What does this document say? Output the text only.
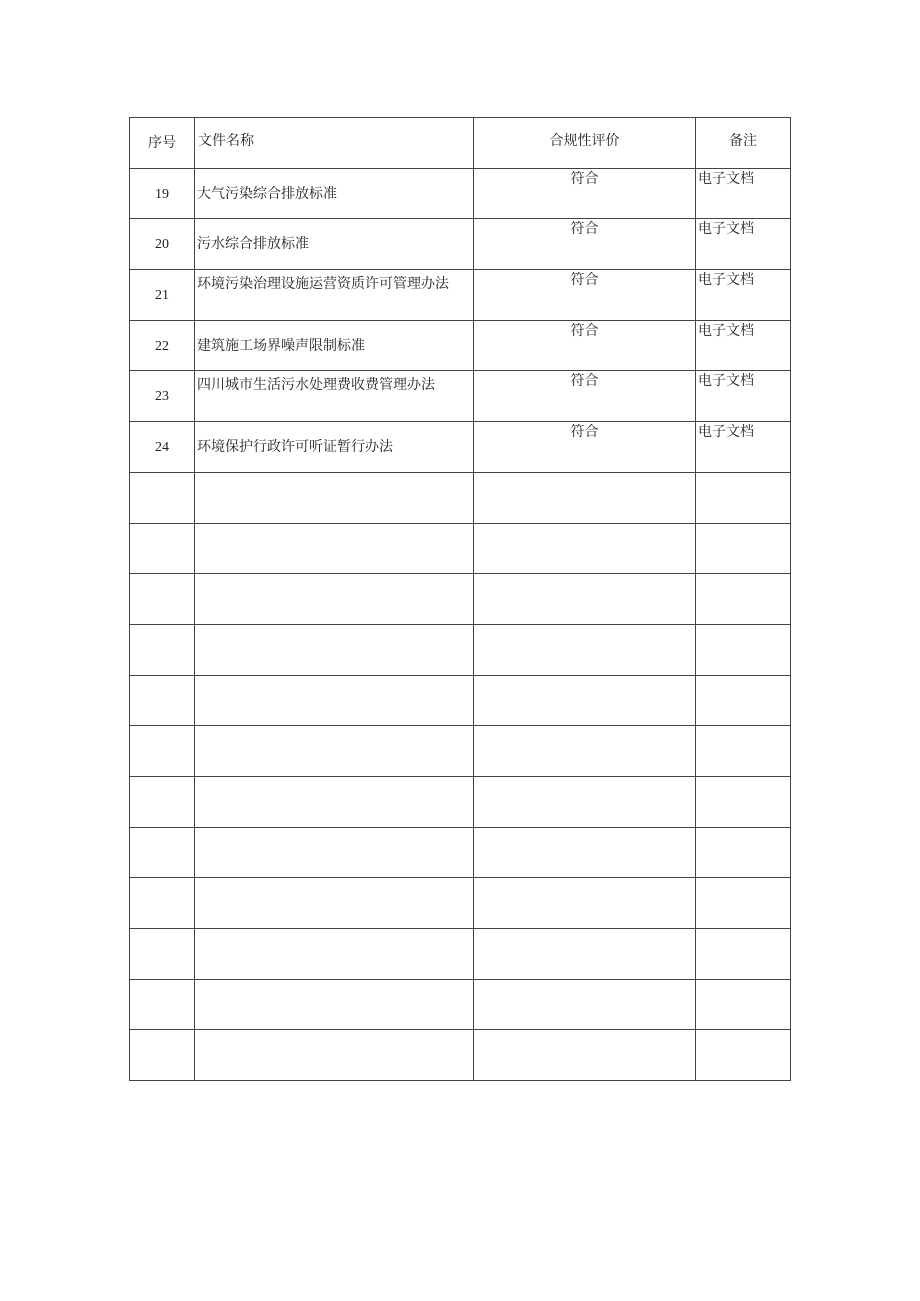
序号	文件名称	合规性评价	备注
19	大气污染综合排放标准	符合	电子文档
20	污水综合排放标准	符合	电子文档
21	环境污染治理设施运营资质许可管理办法	符合	电子文档
22	建筑施工场界噪声限制标准	符合	电子文档
23	四川城市生活污水处理费收费管理办法	符合	电子文档
24	环境保护行政许可听证暂行办法	符合	电子文档
